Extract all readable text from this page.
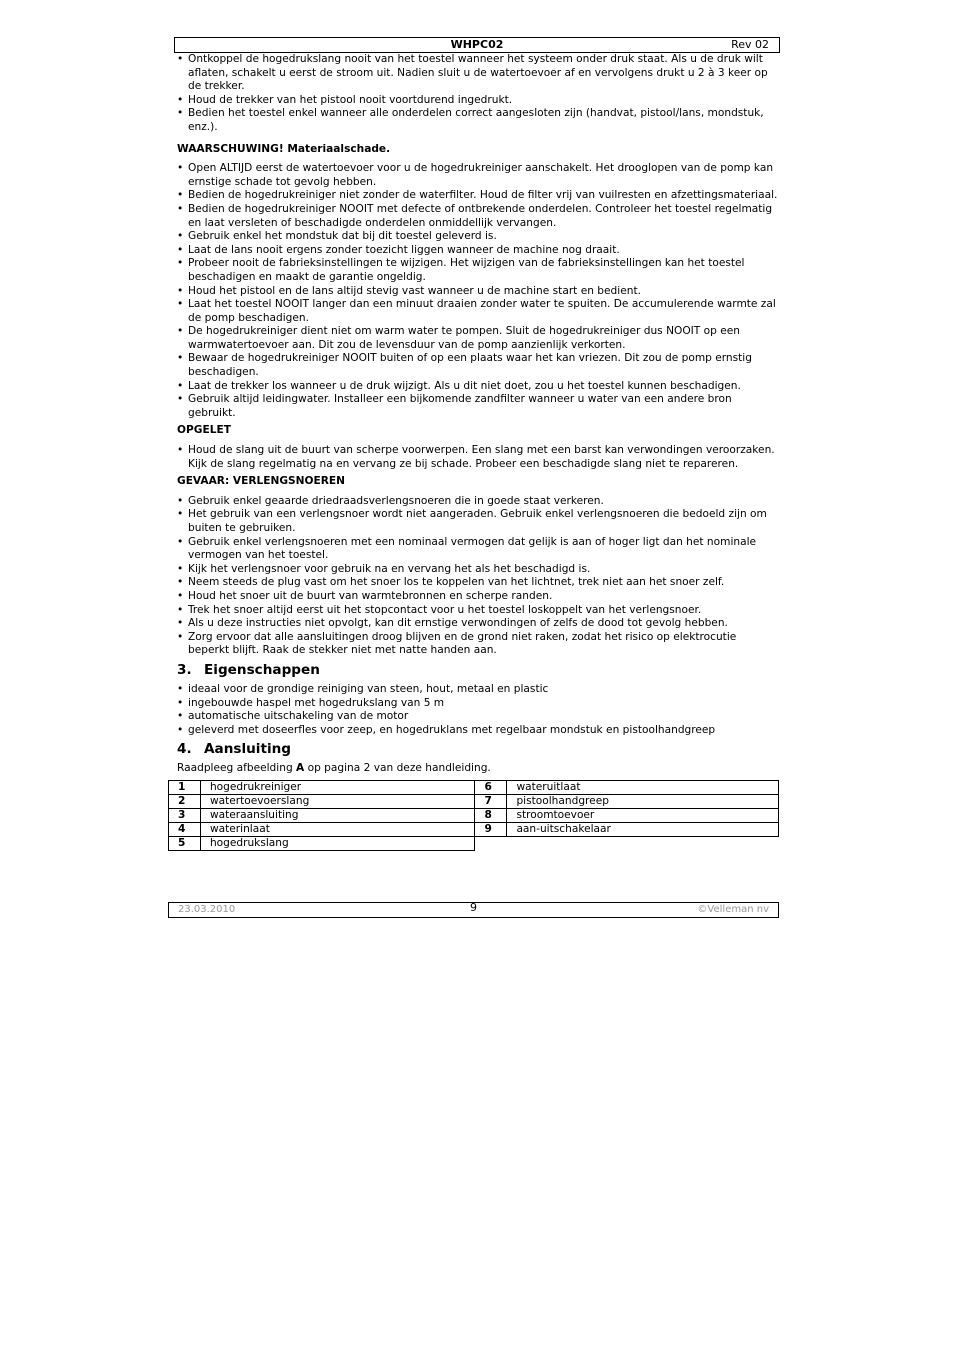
WHPC02	Rev 02
• Ontkoppel de hogedrukslang nooit van het toestel wanneer het systeem onder druk staat. Als u de druk wilt aflaten, schakelt u eerst de stroom uit. Nadien sluit u de watertoevoer af en vervolgens drukt u 2 à 3 keer op de trekker.
• Houd de trekker van het pistool nooit voortdurend ingedrukt.
• Bedien het toestel enkel wanneer alle onderdelen correct aangesloten zijn (handvat, pistool/lans, mondstuk, enz.).
WAARSCHUWING! Materiaalschade.
• Open ALTIJD eerst de watertoevoer voor u de hogedrukreiniger aanschakelt. Het drooglopen van de pomp kan ernstige schade tot gevolg hebben.
• Bedien de hogedrukreiniger niet zonder de waterfilter. Houd de filter vrij van vuilresten en afzettingsmateriaal.
• Bedien de hogedrukreiniger NOOIT met defecte of ontbrekende onderdelen. Controleer het toestel regelmatig en laat versleten of beschadigde onderdelen onmiddellijk vervangen.
• Gebruik enkel het mondstuk dat bij dit toestel geleverd is.
• Laat de lans nooit ergens zonder toezicht liggen wanneer de machine nog draait.
• Probeer nooit de fabrieksinstellingen te wijzigen. Het wijzigen van de fabrieksinstellingen kan het toestel beschadigen en maakt de garantie ongeldig.
• Houd het pistool en de lans altijd stevig vast wanneer u de machine start en bedient.
• Laat het toestel NOOIT langer dan een minuut draaien zonder water te spuiten. De accumulerende warmte zal de pomp beschadigen.
• De hogedrukreiniger dient niet om warm water te pompen. Sluit de hogedrukreiniger dus NOOIT op een warmwatertoevoer aan. Dit zou de levensduur van de pomp aanzienlijk verkorten.
• Bewaar de hogedrukreiniger NOOIT buiten of op een plaats waar het kan vriezen. Dit zou de pomp ernstig beschadigen.
• Laat de trekker los wanneer u de druk wijzigt. Als u dit niet doet, zou u het toestel kunnen beschadigen.
• Gebruik altijd leidingwater. Installeer een bijkomende zandfilter wanneer u water van een andere bron gebruikt.
OPGELET
• Houd de slang uit de buurt van scherpe voorwerpen. Een slang met een barst kan verwondingen veroorzaken. Kijk de slang regelmatig na en vervang ze bij schade. Probeer een beschadigde slang niet te repareren.
GEVAAR: VERLENGSNOEREN
• Gebruik enkel geaarde driedraadsverlengsnoeren die in goede staat verkeren.
• Het gebruik van een verlengsnoer wordt niet aangeraden. Gebruik enkel verlengsnoeren die bedoeld zijn om buiten te gebruiken.
• Gebruik enkel verlengsnoeren met een nominaal vermogen dat gelijk is aan of hoger ligt dan het nominale vermogen van het toestel.
• Kijk het verlengsnoer voor gebruik na en vervang het als het beschadigd is.
• Neem steeds de plug vast om het snoer los te koppelen van het lichtnet, trek niet aan het snoer zelf.
• Houd het snoer uit de buurt van warmtebronnen en scherpe randen.
• Trek het snoer altijd eerst uit het stopcontact voor u het toestel loskoppelt van het verlengsnoer.
• Als u deze instructies niet opvolgt, kan dit ernstige verwondingen of zelfs de dood tot gevolg hebben.
• Zorg ervoor dat alle aansluitingen droog blijven en de grond niet raken, zodat het risico op elektrocutie beperkt blijft. Raak de stekker niet met natte handen aan.
3. Eigenschappen
• ideaal voor de grondige reiniging van steen, hout, metaal en plastic
• ingebouwde haspel met hogedrukslang van 5 m
• automatische uitschakeling van de motor
• geleverd met doseerfles voor zeep, en hogedruklans met regelbaar mondstuk en pistoolhandgreep
4. Aansluiting

Raadpleeg afbeelding A op pagina 2 van deze handleiding.

1	hogedrukreiniger	6	wateruitlaat
2	watertoevoerslang	7	pistoolhandgreep
3	wateraansluiting	8	stroomtoevoer
4	waterinlaat	9	aan-uitschakelaar
5	hogedrukslang		
23.03.2010	9	©Velleman nv
